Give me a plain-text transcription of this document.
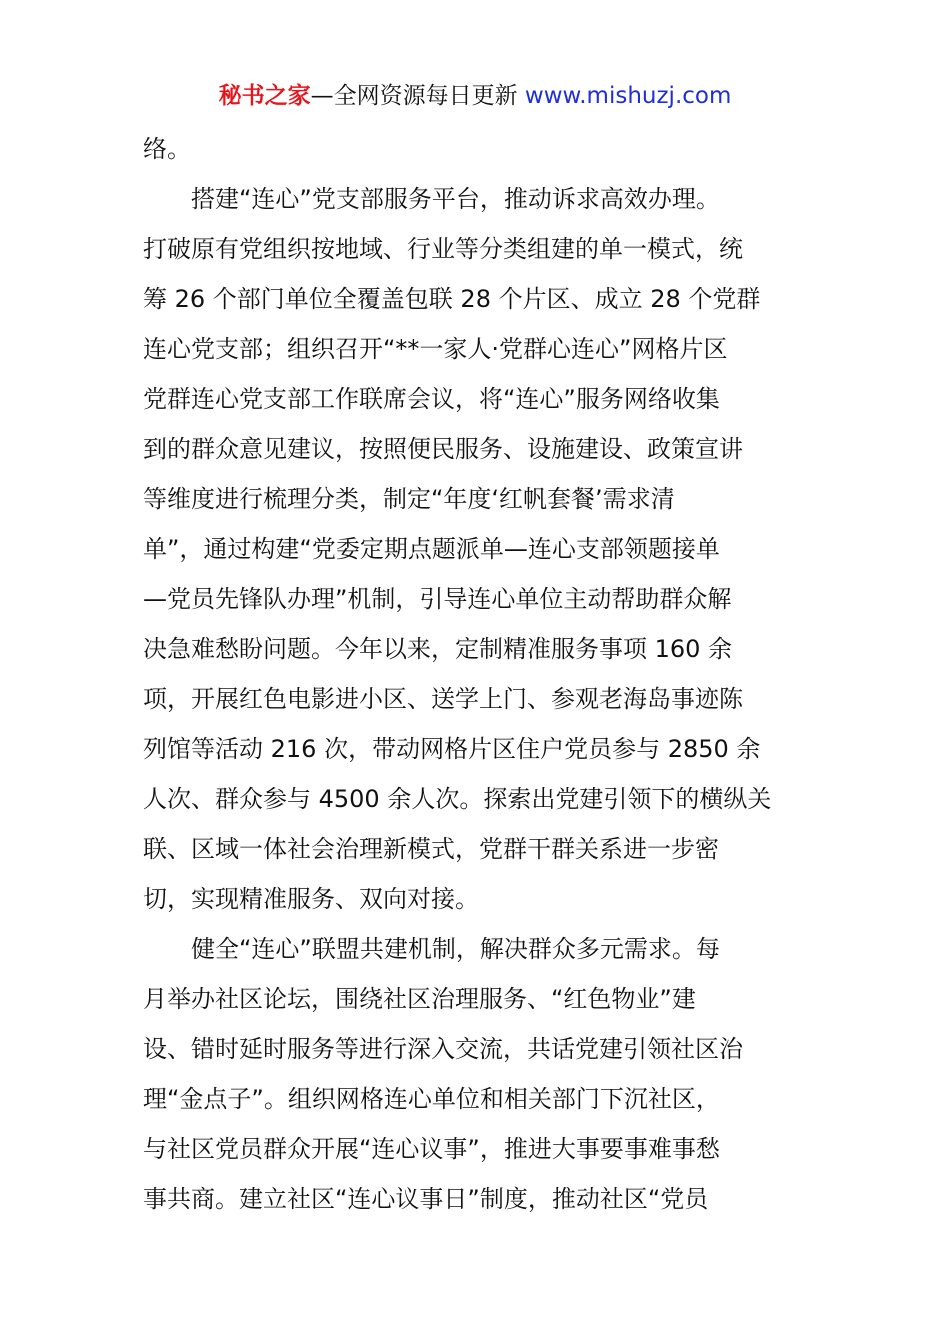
秘书之家—全网资源每日更新 www.mishuzj.com
络。
搭建“连心”党支部服务平台，推动诉求高效办理。
打破原有党组织按地域、行业等分类组建的单一模式，统
筹 26 个部门单位全覆盖包联 28 个片区、成立 28 个党群
连心党支部；组织召开“**一家人·党群心连心”网格片区
党群连心党支部工作联席会议，将“连心”服务网络收集
到的群众意见建议，按照便民服务、设施建设、政策宣讲
等维度进行梳理分类，制定“年度‘红帆套餐’需求清
单”，通过构建“党委定期点题派单—连心支部领题接单
—党员先锋队办理”机制，引导连心单位主动帮助群众解
决急难愁盼问题。今年以来，定制精准服务事项 160 余
项，开展红色电影进小区、送学上门、参观老海岛事迹陈
列馆等活动 216 次，带动网格片区住户党员参与 2850 余
人次、群众参与 4500 余人次。探索出党建引领下的横纵关
联、区域一体社会治理新模式，党群干群关系进一步密
切，实现精准服务、双向对接。
健全“连心”联盟共建机制，解决群众多元需求。每
月举办社区论坛，围绕社区治理服务、“红色物业”建
设、错时延时服务等进行深入交流，共话党建引领社区治
理“金点子”。组织网格连心单位和相关部门下沉社区，
与社区党员群众开展“连心议事”，推进大事要事难事愁
事共商。建立社区“连心议事日”制度，推动社区“党员
